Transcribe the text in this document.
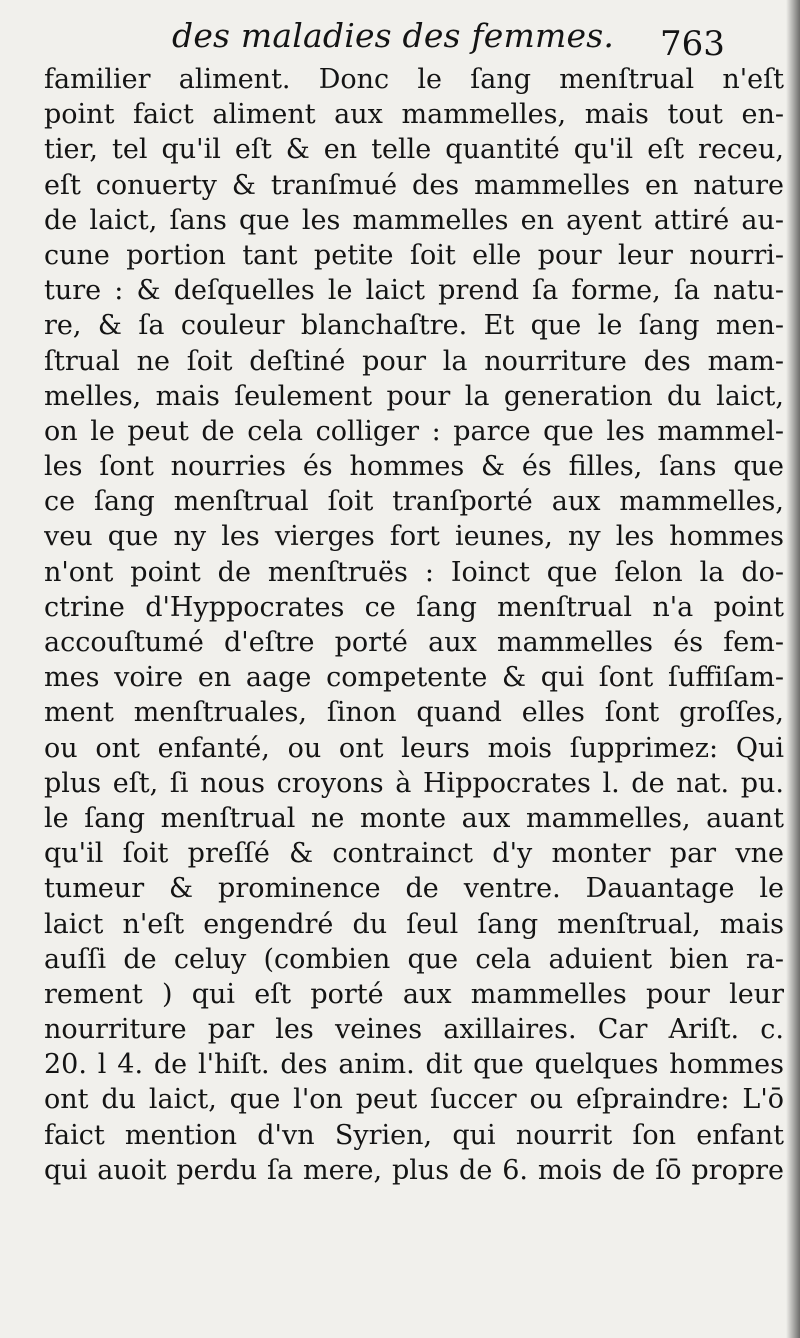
des maladies des femmes. 763
familier aliment. Donc le ſang menſtrual n'eſt
point faict aliment aux mammelles, mais tout en-
tier, tel qu'il eſt & en telle quantité qu'il eſt receu,
eſt conuerty & tranſmué des mammelles en nature
de laict, ſans que les mammelles en ayent attiré au-
cune portion tant petite ſoit elle pour leur nourri-
ture : & deſquelles le laict prend ſa forme, ſa natu-
re, & ſa couleur blanchaſtre. Et que le ſang men-
ſtrual ne ſoit deſtiné pour la nourriture des mam-
melles, mais ſeulement pour la generation du laict,
on le peut de cela colliger : parce que les mammel-
les ſont nourries és hommes & és filles, ſans que
ce ſang menſtrual ſoit tranſporté aux mammelles,
veu que ny les vierges fort ieunes, ny les hommes
n'ont point de menſtruës : Ioinct que ſelon la do-
ctrine d'Hyppocrates ce ſang menſtrual n'a point
accouſtumé d'eſtre porté aux mammelles és fem-
mes voire en aage competente & qui ſont ſuffiſam-
ment menſtruales, ſinon quand elles ſont groſſes,
ou ont enfanté, ou ont leurs mois ſupprimez: Qui
plus eſt, ſi nous croyons à Hippocrates l. de nat. pu.
le ſang menſtrual ne monte aux mammelles, auant
qu'il ſoit preſſé & contrainct d'y monter par vne
tumeur & prominence de ventre. Dauantage le
laict n'eſt engendré du ſeul ſang menſtrual, mais
auſſi de celuy (combien que cela aduient bien ra-
rement ) qui eſt porté aux mammelles pour leur
nourriture par les veines axillaires. Car Ariſt. c.
20. l 4. de l'hiſt. des anim. dit que quelques hommes
ont du laict, que l'on peut ſuccer ou eſpraindre: L'ō
faict mention d'vn Syrien, qui nourrit ſon enfant
qui auoit perdu ſa mere, plus de 6. mois de ſō propre
